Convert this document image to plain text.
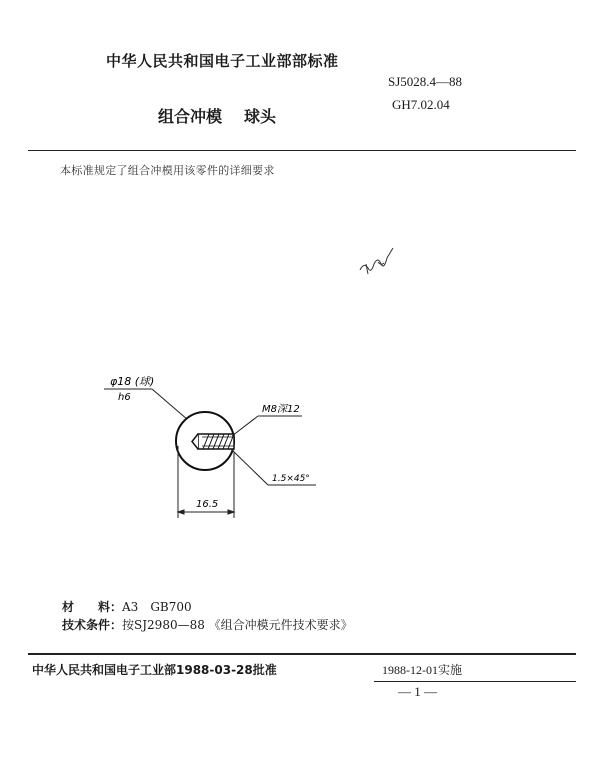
中华人民共和国电子工业部部标准
SJ5028.4—88
组合冲模 球头
GH7.02.04
本标准规定了组合冲模用该零件的详细要求
φ18 (球)
h6
M8深12
1.5×45°
16.5
材　　料：A3　GB700
技术条件：按SJ2980—88 《组合冲模元件技术要求》
中华人民共和国电子工业部1988-03-28批准	1988-12-01实施
— 1 —
